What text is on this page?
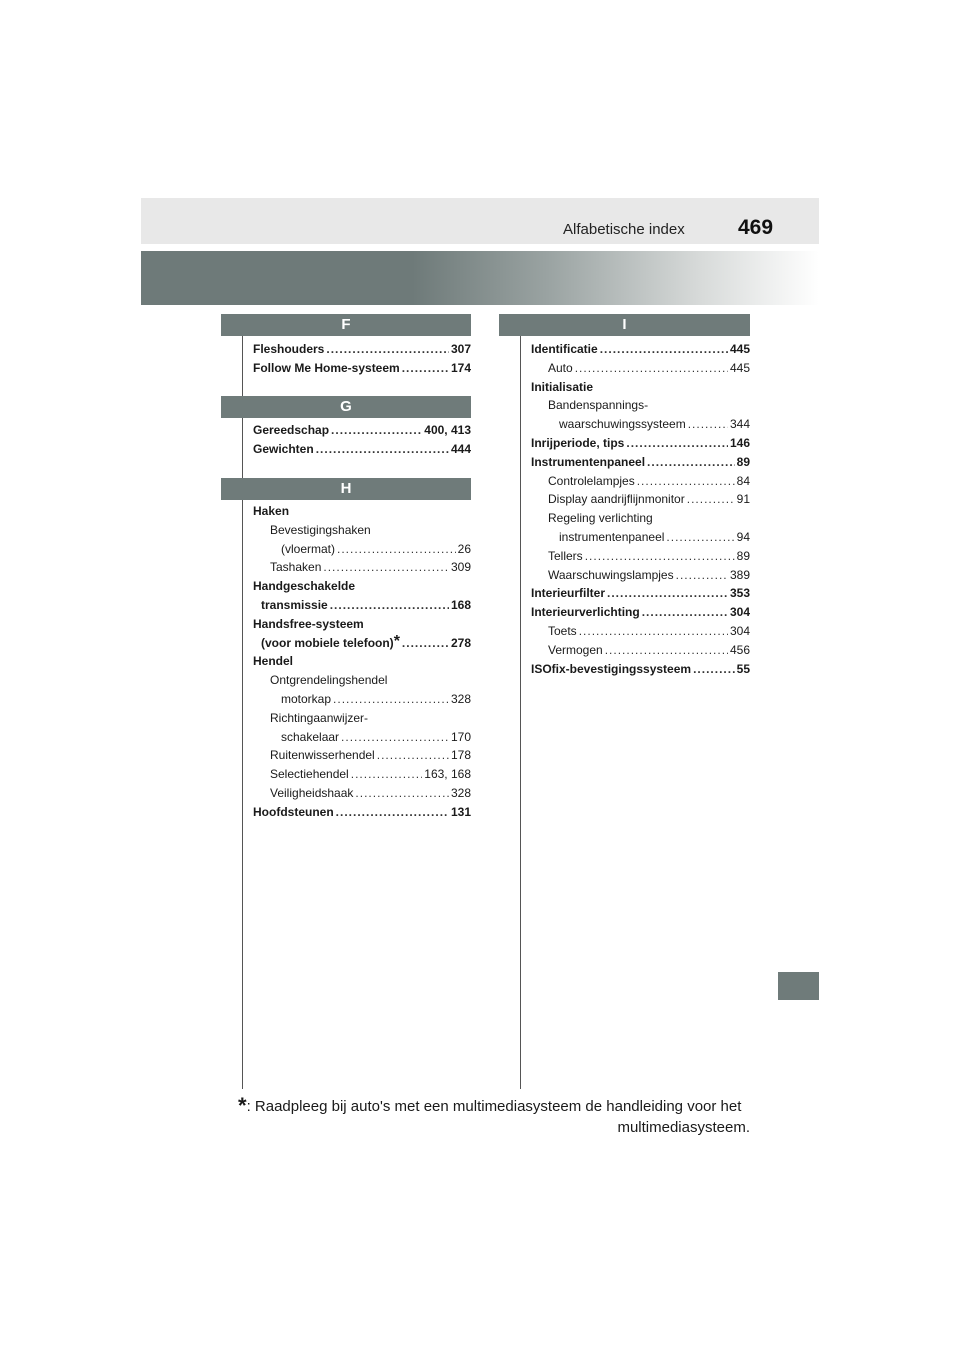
Alfabetische index	469
F
Fleshouders .....	307
Follow Me Home-systeem .....	174
G
Gereedschap .....	400, 413
Gewichten .....	444
H
Haken
Bevestigingshaken
(vloermat) .....	26
Tashaken .....	309
Handgeschakelde
transmissie .....	168
Handsfree-systeem
(voor mobiele telefoon)* .....	278
Hendel
Ontgrendelingshendel
motorkap .....	328
Richtingaanwijzer-
schakelaar .....	170
Ruitenwisserhendel .....	178
Selectiehendel .....	163, 168
Veiligheidshaak .....	328
Hoofdsteunen .....	131
I
Identificatie .....	445
Auto .....	445
Initialisatie
Bandenspannings-
waarschuwingssysteem .....	344
Inrijperiode, tips .....	146
Instrumentenpaneel .....	89
Controlelampjes .....	84
Display aandrijflijnmonitor .....	91
Regeling verlichting
instrumentenpaneel .....	94
Tellers .....	89
Waarschuwingslampjes .....	389
Interieurfilter .....	353
Interieurverlichting .....	304
Toets .....	304
Vermogen .....	456
ISOfix-bevestigingssysteem .....	55
*: Raadpleeg bij auto's met een multimediasysteem de handleiding voor het
multimediasysteem.
